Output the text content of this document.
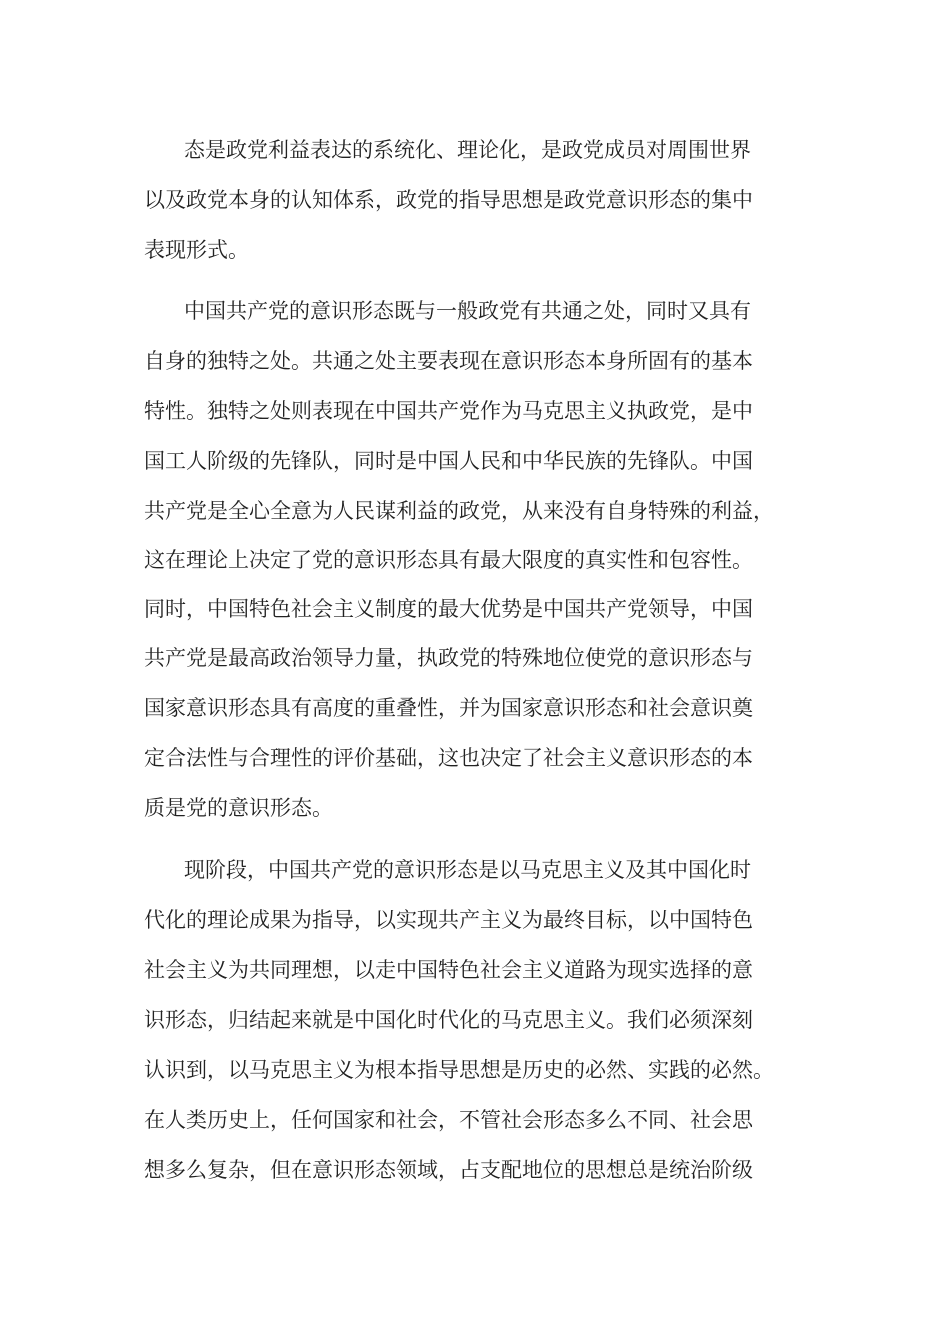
态是政党利益表达的系统化、理论化，是政党成员对周围世界
以及政党本身的认知体系，政党的指导思想是政党意识形态的集中
表现形式。
中国共产党的意识形态既与一般政党有共通之处，同时又具有
自身的独特之处。共通之处主要表现在意识形态本身所固有的基本
特性。独特之处则表现在中国共产党作为马克思主义执政党，是中
国工人阶级的先锋队，同时是中国人民和中华民族的先锋队。中国
共产党是全心全意为人民谋利益的政党，从来没有自身特殊的利益，
这在理论上决定了党的意识形态具有最大限度的真实性和包容性。
同时，中国特色社会主义制度的最大优势是中国共产党领导，中国
共产党是最高政治领导力量，执政党的特殊地位使党的意识形态与
国家意识形态具有高度的重叠性，并为国家意识形态和社会意识奠
定合法性与合理性的评价基础，这也决定了社会主义意识形态的本
质是党的意识形态。
现阶段，中国共产党的意识形态是以马克思主义及其中国化时
代化的理论成果为指导，以实现共产主义为最终目标，以中国特色
社会主义为共同理想，以走中国特色社会主义道路为现实选择的意
识形态，归结起来就是中国化时代化的马克思主义。我们必须深刻
认识到，以马克思主义为根本指导思想是历史的必然、实践的必然。
在人类历史上，任何国家和社会，不管社会形态多么不同、社会思
想多么复杂，但在意识形态领域，占支配地位的思想总是统治阶级
